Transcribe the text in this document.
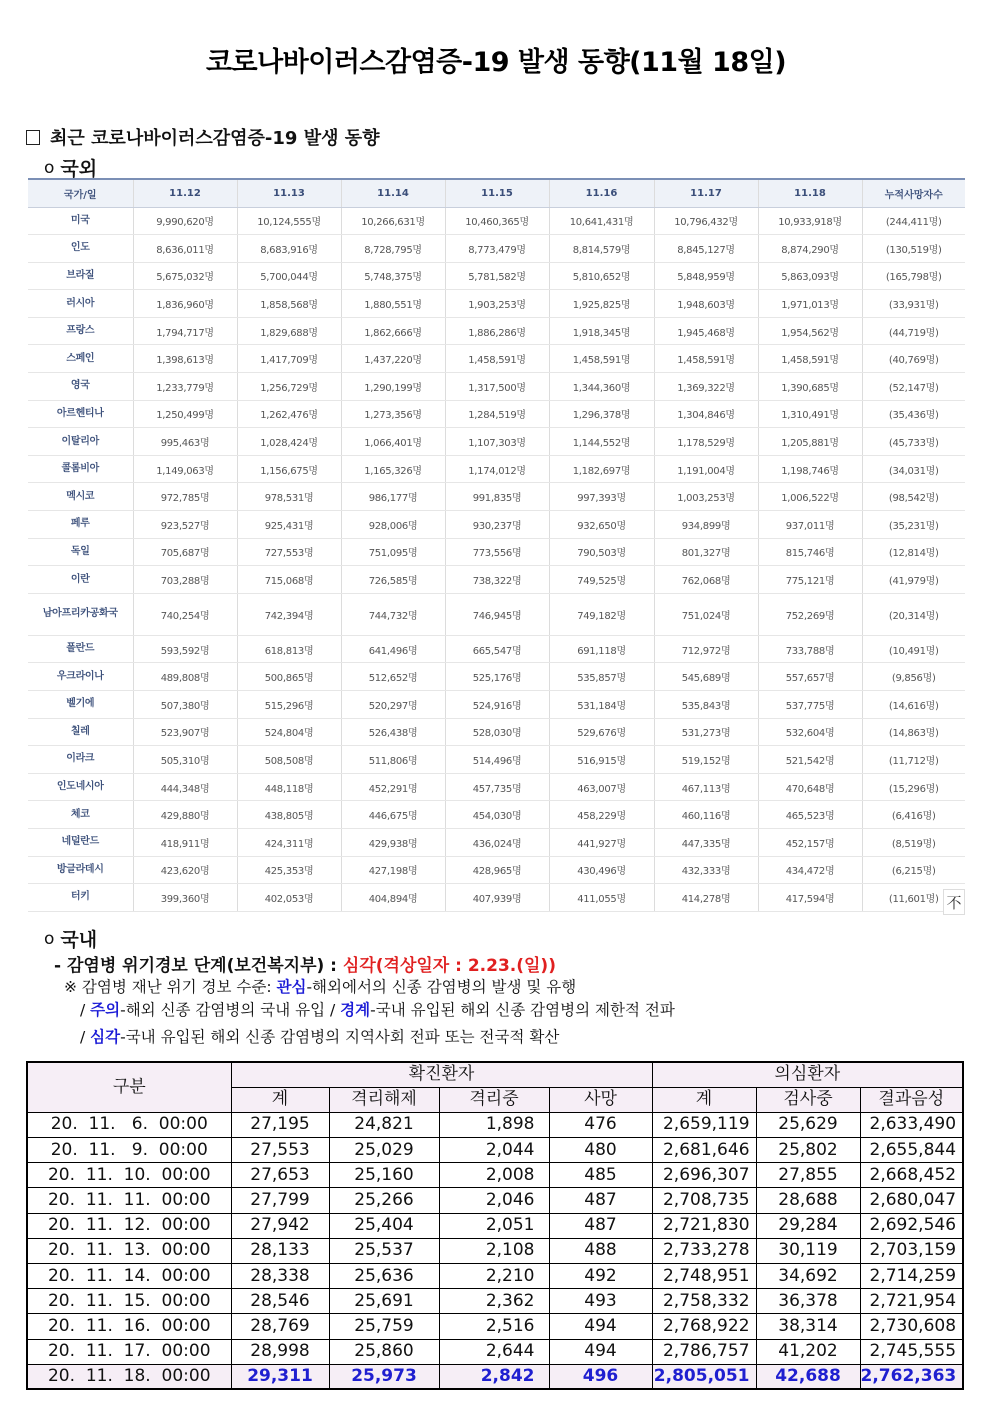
코로나바이러스감염증-19 발생 동향(11월 18일)
최근 코로나바이러스감염증-19 발생 동향
o 국외
국가/일	11.12	11.13	11.14	11.15	11.16	11.17	11.18	누적사망자수
미국	9,990,620명	10,124,555명	10,266,631명	10,460,365명	10,641,431명	10,796,432명	10,933,918명	(244,411명)
인도	8,636,011명	8,683,916명	8,728,795명	8,773,479명	8,814,579명	8,845,127명	8,874,290명	(130,519명)
브라질	5,675,032명	5,700,044명	5,748,375명	5,781,582명	5,810,652명	5,848,959명	5,863,093명	(165,798명)
러시아	1,836,960명	1,858,568명	1,880,551명	1,903,253명	1,925,825명	1,948,603명	1,971,013명	(33,931명)
프랑스	1,794,717명	1,829,688명	1,862,666명	1,886,286명	1,918,345명	1,945,468명	1,954,562명	(44,719명)
스페인	1,398,613명	1,417,709명	1,437,220명	1,458,591명	1,458,591명	1,458,591명	1,458,591명	(40,769명)
영국	1,233,779명	1,256,729명	1,290,199명	1,317,500명	1,344,360명	1,369,322명	1,390,685명	(52,147명)
아르헨티나	1,250,499명	1,262,476명	1,273,356명	1,284,519명	1,296,378명	1,304,846명	1,310,491명	(35,436명)
이탈리아	995,463명	1,028,424명	1,066,401명	1,107,303명	1,144,552명	1,178,529명	1,205,881명	(45,733명)
콜롬비아	1,149,063명	1,156,675명	1,165,326명	1,174,012명	1,182,697명	1,191,004명	1,198,746명	(34,031명)
멕시코	972,785명	978,531명	986,177명	991,835명	997,393명	1,003,253명	1,006,522명	(98,542명)
페루	923,527명	925,431명	928,006명	930,237명	932,650명	934,899명	937,011명	(35,231명)
독일	705,687명	727,553명	751,095명	773,556명	790,503명	801,327명	815,746명	(12,814명)
이란	703,288명	715,068명	726,585명	738,322명	749,525명	762,068명	775,121명	(41,979명)
남아프리카공화국	740,254명	742,394명	744,732명	746,945명	749,182명	751,024명	752,269명	(20,314명)
폴란드	593,592명	618,813명	641,496명	665,547명	691,118명	712,972명	733,788명	(10,491명)
우크라이나	489,808명	500,865명	512,652명	525,176명	535,857명	545,689명	557,657명	(9,856명)
벨기에	507,380명	515,296명	520,297명	524,916명	531,184명	535,843명	537,775명	(14,616명)
칠레	523,907명	524,804명	526,438명	528,030명	529,676명	531,273명	532,604명	(14,863명)
이라크	505,310명	508,508명	511,806명	514,496명	516,915명	519,152명	521,542명	(11,712명)
인도네시아	444,348명	448,118명	452,291명	457,735명	463,007명	467,113명	470,648명	(15,296명)
체코	429,880명	438,805명	446,675명	454,030명	458,229명	460,116명	465,523명	(6,416명)
네덜란드	418,911명	424,311명	429,938명	436,024명	441,927명	447,335명	452,157명	(8,519명)
방글라데시	423,620명	425,353명	427,198명	428,965명	430,496명	432,333명	434,472명	(6,215명)
터키	399,360명	402,053명	404,894명	407,939명	411,055명	414,278명	417,594명	(11,601명) 不
o 국내
- 감염병 위기경보 단계(보건복지부) : 심각(격상일자 : 2.23.(일))
※ 감염병 재난 위기 경보 수준: 관심-해외에서의 신종 감염병의 발생 및 유행
/ 주의-해외 신종 감염병의 국내 유입 / 경계-국내 유입된 해외 신종 감염병의 제한적 전파
/ 심각-국내 유입된 해외 신종 감염병의 지역사회 전파 또는 전국적 확산
구분	확진환자				의심환자		
	계	격리해제	격리중	사망	계	검사중	결과음성
20.  11.   6.  00:00	27,195	24,821	1,898	476	2,659,119	25,629	2,633,490
20.  11.   9.  00:00	27,553	25,029	2,044	480	2,681,646	25,802	2,655,844
20.  11.  10.  00:00	27,653	25,160	2,008	485	2,696,307	27,855	2,668,452
20.  11.  11.  00:00	27,799	25,266	2,046	487	2,708,735	28,688	2,680,047
20.  11.  12.  00:00	27,942	25,404	2,051	487	2,721,830	29,284	2,692,546
20.  11.  13.  00:00	28,133	25,537	2,108	488	2,733,278	30,119	2,703,159
20.  11.  14.  00:00	28,338	25,636	2,210	492	2,748,951	34,692	2,714,259
20.  11.  15.  00:00	28,546	25,691	2,362	493	2,758,332	36,378	2,721,954
20.  11.  16.  00:00	28,769	25,759	2,516	494	2,768,922	38,314	2,730,608
20.  11.  17.  00:00	28,998	25,860	2,644	494	2,786,757	41,202	2,745,555
20.  11.  18.  00:00	29,311	25,973	2,842	496	2,805,051	42,688	2,762,363
